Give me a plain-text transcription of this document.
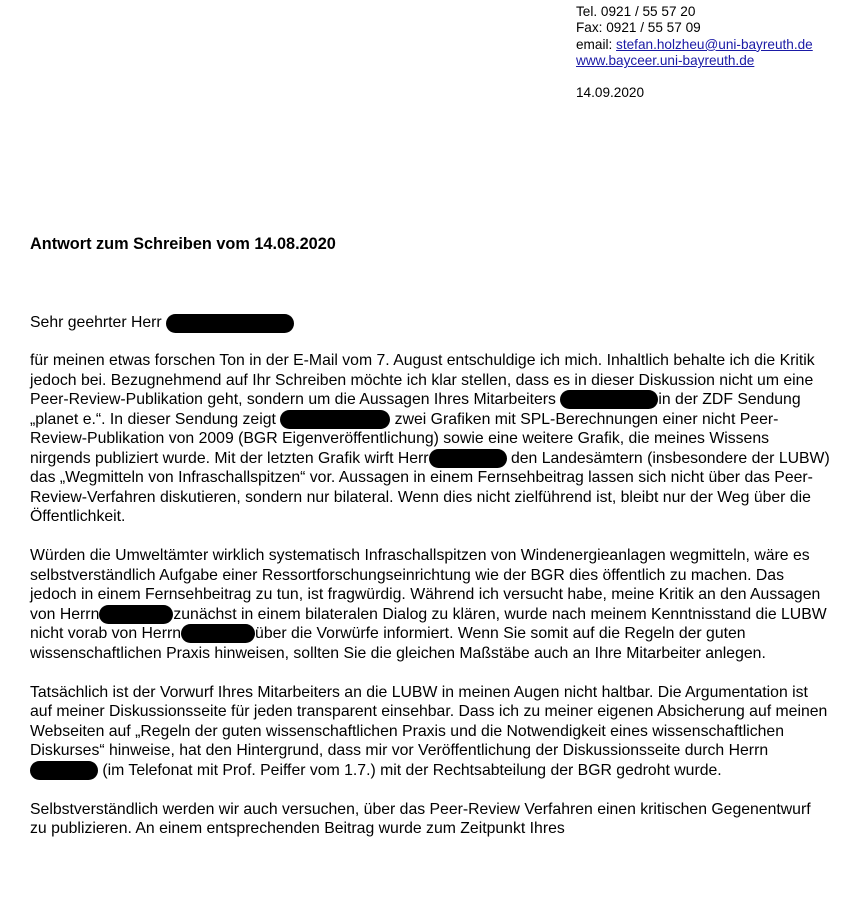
Tel. 0921 / 55 57 20
Fax: 0921 / 55 57 09
email: stefan.holzheu@uni-bayreuth.de
www.bayceer.uni-bayreuth.de
14.09.2020
Antwort zum Schreiben vom 14.08.2020
Sehr geehrter Herr

für meinen etwas forschen Ton in der E-Mail vom 7. August entschuldige ich mich. Inhaltlich behalte ich die Kritik jedoch bei. Bezugnehmend auf Ihr Schreiben möchte ich klar stellen, dass es in dieser Diskussion nicht um eine Peer-Review-Publikation geht, sondern um die Aussagen Ihres Mitarbeiters	in der ZDF Sendung „planet e.“. In dieser Sendung zeigt	zwei Grafiken mit SPL-Berechnungen einer nicht Peer-Review-Publikation von 2009 (BGR Eigenveröffentlichung) sowie eine weitere Grafik, die meines Wissens nirgends publiziert wurde. Mit der letzten Grafik wirft Herr	den Landesämtern (insbesondere der LUBW) das „Wegmitteln von Infraschallspitzen“ vor. Aussagen in einem Fernsehbeitrag lassen sich nicht über das Peer-Review-Verfahren diskutieren, sondern nur bilateral. Wenn dies nicht zielführend ist, bleibt nur der Weg über die Öffentlichkeit.

Würden die Umweltämter wirklich systematisch Infraschallspitzen von Windenergieanlagen wegmitteln, wäre es selbstverständlich Aufgabe einer Ressortforschungseinrichtung wie der BGR dies öffentlich zu machen. Das jedoch in einem Fernsehbeitrag zu tun, ist fragwürdig. Während ich versucht habe, meine Kritik an den Aussagen von Herrn	zunächst in einem bilateralen Dialog zu klären, wurde nach meinem Kenntnisstand die LUBW nicht vorab von Herrn	über die Vorwürfe informiert. Wenn Sie somit auf die Regeln der guten wissenschaftlichen Praxis hinweisen, sollten Sie die gleichen Maßstäbe auch an Ihre Mitarbeiter anlegen.

Tatsächlich ist der Vorwurf Ihres Mitarbeiters an die LUBW in meinen Augen nicht haltbar. Die Argumentation ist auf meiner Diskussionsseite für jeden transparent einsehbar. Dass ich zu meiner eigenen Absicherung auf meinen Webseiten auf „Regeln der guten wissenschaftlichen Praxis und die Notwendigkeit eines wissenschaftlichen Diskurses“ hinweise, hat den Hintergrund, dass mir vor Veröffentlichung der Diskussionsseite durch Herrn  (im Telefonat mit Prof. Peiffer vom 1.7.) mit der Rechtsabteilung der BGR gedroht wurde.

Selbstverständlich werden wir auch versuchen, über das Peer-Review Verfahren einen kritischen Gegenentwurf zu publizieren. An einem entsprechenden Beitrag wurde zum Zeitpunkt Ihres
